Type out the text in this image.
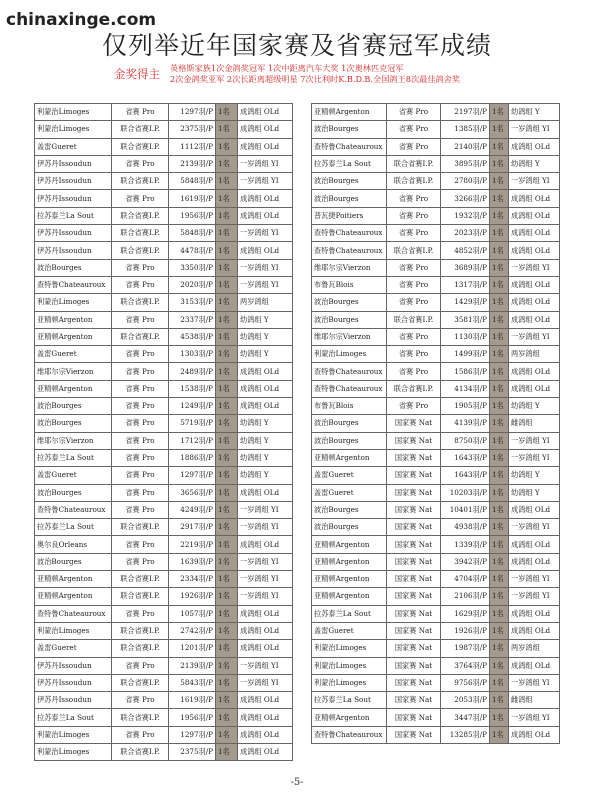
chinaxinge.com
仅列举近年国家赛及省赛冠军成绩
金奖得主 英格斯家族1次金鸽奖冠军 1次中距离汽车大奖 1次奥林匹克冠军
2次金鸽奖亚军 2次长距离超级明星 7次比利时K.B.D.B.全国鸽王8次最佳鸽舍奖
利蒙治Limoges	省赛 Pro	1297羽/P	1名	成鸽组 OLd
利蒙治Limoges	联合省赛I.P.	2375羽/P	1名	成鸽组 OLd
盖雷Gueret	联合省赛I.P.	1112羽/P	1名	成鸽组 OLd
伊苏丹Issoudun	省赛 Pro	2139羽/P	1名	一岁鸽组 YI
伊苏丹Issoudun	联合省赛I.P.	5848羽/P	1名	一岁鸽组 YI
伊苏丹Issoudun	省赛 Pro	1619羽/P	1名	成鸽组 OLd
拉苏泰兰La Sout	联合省赛I.P.	1956羽/P	1名	成鸽组 OLd
伊苏丹Issoudun	联合省赛I.P.	5848羽/P	1名	一岁鸽组 YI
伊苏丹Issoudun	联合省赛I.P.	4478羽/P	1名	成鸽组 OLd
波治Bourges	省赛 Pro	3350羽/P	1名	一岁鸽组 YI
查特鲁Chateauroux	省赛 Pro	2020羽/P	1名	一岁鸽组 YI
利蒙治Limoges	联合省赛I.P.	3153羽/P	1名	两岁鸽组
亚精顿Argenton	省赛 Pro	2337羽/P	1名	幼鸽组 Y
亚精顿Argenton	联合省赛I.P.	4538羽/P	1名	幼鸽组 Y
盖雷Gueret	省赛 Pro	1303羽/P	1名	幼鸽组 Y
维耶尔宗Vierzon	省赛 Pro	2489羽/P	1名	成鸽组 OLd
亚精顿Argenton	省赛 Pro	1538羽/P	1名	成鸽组 OLd
波治Bourges	省赛 Pro	1249羽/P	1名	成鸽组 OLd
波治Bourges	省赛 Pro	5719羽/P	1名	幼鸽组 Y
维耶尔宗Vierzon	省赛 Pro	1712羽/P	1名	幼鸽组 Y
拉苏泰兰La Sout	省赛 Pro	1886羽/P	1名	幼鸽组 Y
盖雷Gueret	省赛 Pro	1297羽/P	1名	幼鸽组 Y
波治Bourges	省赛 Pro	3656羽/P	1名	成鸽组 OLd
查特鲁Chateauroux	省赛 Pro	4249羽/P	1名	一岁鸽组 YI
拉苏泰兰La Sout	联合省赛I.P.	2917羽/P	1名	一岁鸽组 YI
奥尔良Orleans	省赛 Pro	2219羽/P	1名	成鸽组 OLd
波治Bourges	省赛 Pro	1639羽/P	1名	一岁鸽组 YI
亚精顿Argenton	联合省赛I.P.	2334羽/P	1名	一岁鸽组 YI
亚精顿Argenton	联合省赛I.P.	1926羽/P	1名	一岁鸽组 YI
查特鲁Chateauroux	省赛 Pro	1057羽/P	1名	成鸽组 OLd
利蒙治Limoges	联合省赛I.P.	2742羽/P	1名	成鸽组 OLd
盖雷Gueret	联合省赛I.P.	1201羽/P	1名	成鸽组 OLd
伊苏丹Issoudun	省赛 Pro	2139羽/P	1名	一岁鸽组 YI
伊苏丹Issoudun	联合省赛I.P.	5843羽/P	1名	一岁鸽组 YI
伊苏丹Issoudun	省赛 Pro	1619羽/P	1名	成鸽组 OLd
拉苏泰兰La Sout	联合省赛I.P.	1956羽/P	1名	成鸽组 OLd
利蒙治Limoges	省赛 Pro	1297羽/P	1名	成鸽组 OLd
利蒙治Limoges	联合省赛I.P.	2375羽/P	1名	成鸽组 OLd
亚精顿Argenton	省赛 Pro	2197羽/P	1名	幼鸽组 Y
波治Bourges	省赛 Pro	1385羽/P	1名	一岁鸽组 YI
查特鲁Chateauroux	省赛 Pro	2140羽/P	1名	成鸽组 OLd
拉苏泰兰La Sout	联合省赛I.P.	3895羽/P	1名	幼鸽组 Y
波治Bourges	联合省赛I.P.	2780羽/P	1名	一岁鸽组 YI
波治Bourges	省赛 Pro	3266羽/P	1名	成鸽组 OLd
普瓦捷Poitiers	省赛 Pro	1932羽/P	1名	成鸽组 OLd
查特鲁Chateauroux	省赛 Pro	2023羽/P	1名	成鸽组 OLd
查特鲁Chateauroux	联合省赛I.P.	4852羽/P	1名	成鸽组 OLd
维耶尔宗Vierzon	省赛 Pro	3689羽/P	1名	一岁鸽组 YI
布鲁瓦Blois	省赛 Pro	1317羽/P	1名	成鸽组 OLd
波治Bourges	省赛 Pro	1429羽/P	1名	成鸽组 OLd
波治Bourges	联合省赛I.P.	3581羽/P	1名	成鸽组 OLd
维耶尔宗Vierzon	省赛 Pro	1130羽/P	1名	一岁鸽组 YI
利蒙治Limoges	省赛 Pro	1499羽/P	1名	两岁鸽组
查特鲁Chateauroux	省赛 Pro	1586羽/P	1名	成鸽组 OLd
查特鲁Chateauroux	联合省赛I.P.	4134羽/P	1名	成鸽组 OLd
布鲁瓦Blois	省赛 Pro	1905羽/P	1名	幼鸽组 Y
波治Bourges	国家赛 Nat	4139羽/P	1名	雌鸽组
波治Bourges	国家赛 Nat	8750羽/P	1名	一岁鸽组 YI
亚精顿Argenton	国家赛 Nat	1643羽/P	1名	一岁鸽组 YI
盖雷Gueret	国家赛 Nat	1643羽/P	1名	幼鸽组 Y
盖雷Gueret	国家赛 Nat	10203羽/P	1名	幼鸽组 Y
波治Bourges	国家赛 Nat	10401羽/P	1名	成鸽组 OLd
波治Bourges	国家赛 Nat	4938羽/P	1名	一岁鸽组 YI
亚精顿Argenton	国家赛 Nat	1339羽/P	1名	成鸽组 OLd
亚精顿Argenton	国家赛 Nat	3942羽/P	1名	成鸽组 OLd
亚精顿Argenton	国家赛 Nat	4704羽/P	1名	一岁鸽组 YI
亚精顿Argenton	国家赛 Nat	2106羽/P	1名	一岁鸽组 YI
拉苏泰兰La Sout	国家赛 Nat	1629羽/P	1名	成鸽组 OLd
盖雷Gueret	国家赛 Nat	1926羽/P	1名	成鸽组 OLd
利蒙治Limoges	国家赛 Nat	1987羽/P	1名	两岁鸽组
利蒙治Limoges	国家赛 Nat	3764羽/P	1名	成鸽组 OLd
利蒙治Limoges	国家赛 Nat	9756羽/P	1名	一岁鸽组 YI
拉苏泰兰La Sout	国家赛 Nat	2053羽/P	1名	雌鸽组
亚精顿Argenton	国家赛 Nat	3447羽/P	1名	一岁鸽组 YI
查特鲁Chateauroux	国家赛 Nat	13285羽/P	1名	成鸽组 OLd
-5-
